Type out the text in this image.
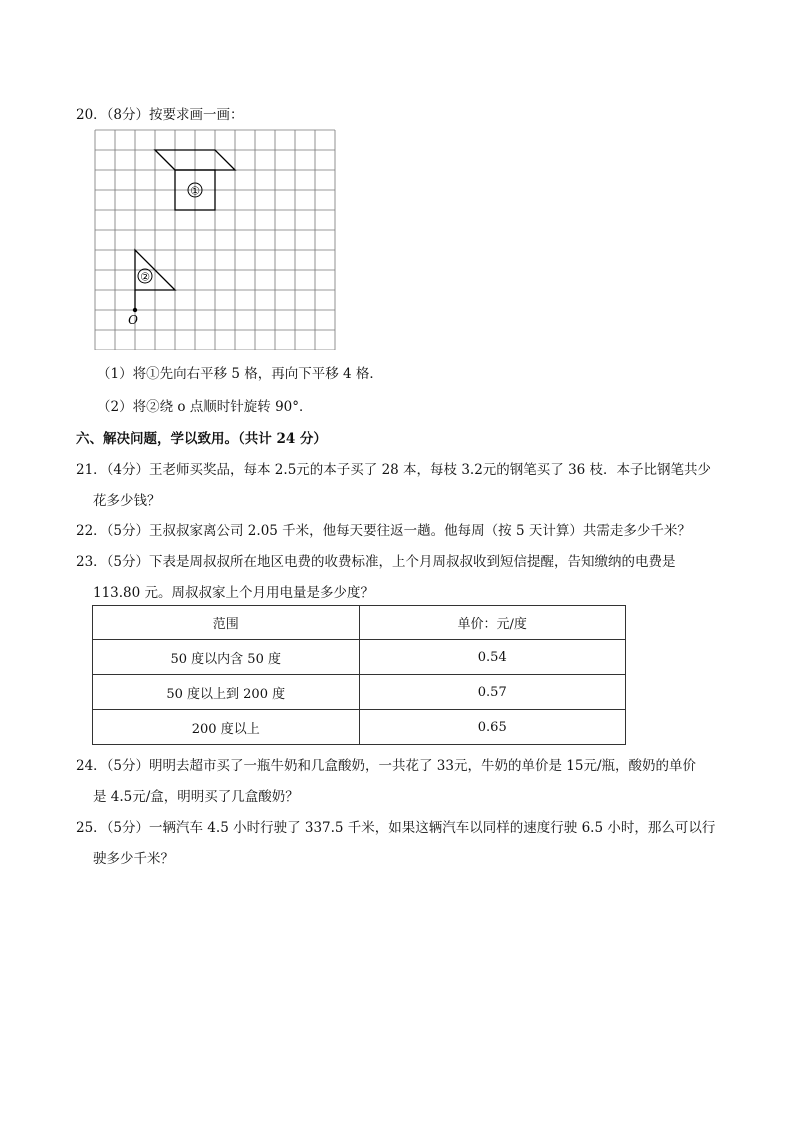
20．（8分）按要求画一画：
①
②
O
（1）将①先向右平移 5 格，再向下平移 4 格．
（2）将②绕 o 点顺时针旋转 90°．
六、解决问题，学以致用。（共计 24 分）
21．（4分）王老师买奖品，每本 2.5元的本子买了 28 本，每枝 3.2元的钢笔买了 36 枝．本子比钢笔共少
花多少钱？
22．（5分）王叔叔家离公司 2.05 千米，他每天要往返一趟。他每周（按 5 天计算）共需走多少千米？
23．（5分）下表是周叔叔所在地区电费的收费标准，上个月周叔叔收到短信提醒，告知缴纳的电费是
113.80 元。周叔叔家上个月用电量是多少度？
范围	单价：元/度
50 度以内含 50 度	0.54
50 度以上到 200 度	0.57
200 度以上	0.65
24．（5分）明明去超市买了一瓶牛奶和几盒酸奶，一共花了 33元，牛奶的单价是 15元/瓶，酸奶的单价
是 4.5元/盒，明明买了几盒酸奶？
25．（5分）一辆汽车 4.5 小时行驶了 337.5 千米，如果这辆汽车以同样的速度行驶 6.5 小时，那么可以行
驶多少千米？
